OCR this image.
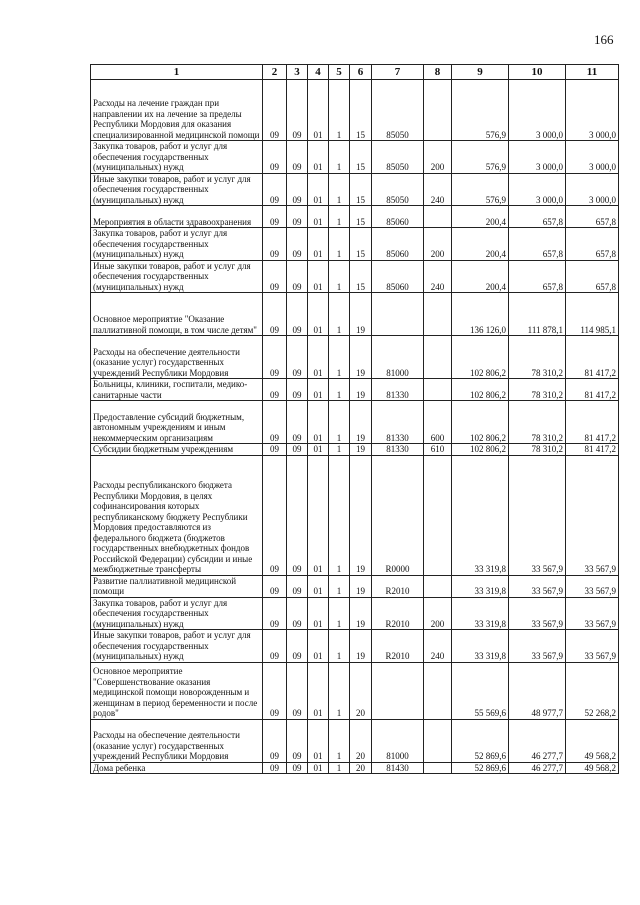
166
1	2	3	4	5	6	7	8	9	10	11
Расходы на лечение граждан при направлении их на лечение за пределы Республики Мордовия для оказания специализированной медицинской помощи	09	09	01	1	15	85050		576,9	3 000,0	3 000,0
Закупка товаров, работ и услуг для обеспечения государственных (муниципальных) нужд	09	09	01	1	15	85050	200	576,9	3 000,0	3 000,0
Иные закупки товаров, работ и услуг для обеспечения государственных (муниципальных) нужд	09	09	01	1	15	85050	240	576,9	3 000,0	3 000,0
Мероприятия в области здравоохранения	09	09	01	1	15	85060		200,4	657,8	657,8
Закупка товаров, работ и услуг для обеспечения государственных (муниципальных) нужд	09	09	01	1	15	85060	200	200,4	657,8	657,8
Иные закупки товаров, работ и услуг для обеспечения государственных (муниципальных) нужд	09	09	01	1	15	85060	240	200,4	657,8	657,8
Основное мероприятие "Оказание паллиативной помощи, в том числе детям"	09	09	01	1	19			136 126,0	111 878,1	114 985,1
Расходы на обеспечение деятельности (оказание услуг) государственных учреждений Республики Мордовия	09	09	01	1	19	81000		102 806,2	78 310,2	81 417,2
Больницы, клиники, госпитали, медико-санитарные части	09	09	01	1	19	81330		102 806,2	78 310,2	81 417,2
Предоставление субсидий бюджетным, автономным учреждениям и иным некоммерческим организациям	09	09	01	1	19	81330	600	102 806,2	78 310,2	81 417,2
Субсидии бюджетным учреждениям	09	09	01	1	19	81330	610	102 806,2	78 310,2	81 417,2
Расходы республиканского бюджета Республики Мордовия, в целях софинансирования которых республиканскому бюджету Республики Мордовия предоставляются из федерального бюджета (бюджетов государственных внебюджетных фондов Российской Федерации) субсидии и иные межбюджетные трансферты	09	09	01	1	19	R0000		33 319,8	33 567,9	33 567,9
Развитие паллиативной медицинской помощи	09	09	01	1	19	R2010		33 319,8	33 567,9	33 567,9
Закупка товаров, работ и услуг для обеспечения государственных (муниципальных) нужд	09	09	01	1	19	R2010	200	33 319,8	33 567,9	33 567,9
Иные закупки товаров, работ и услуг для обеспечения государственных (муниципальных) нужд	09	09	01	1	19	R2010	240	33 319,8	33 567,9	33 567,9
Основное мероприятие "Совершенствование оказания медицинской помощи новорожденным и женщинам в период беременности и после родов"	09	09	01	1	20			55 569,6	48 977,7	52 268,2
Расходы на обеспечение деятельности (оказание услуг) государственных учреждений Республики Мордовия	09	09	01	1	20	81000		52 869,6	46 277,7	49 568,2
Дома ребенка	09	09	01	1	20	81430		52 869,6	46 277,7	49 568,2
